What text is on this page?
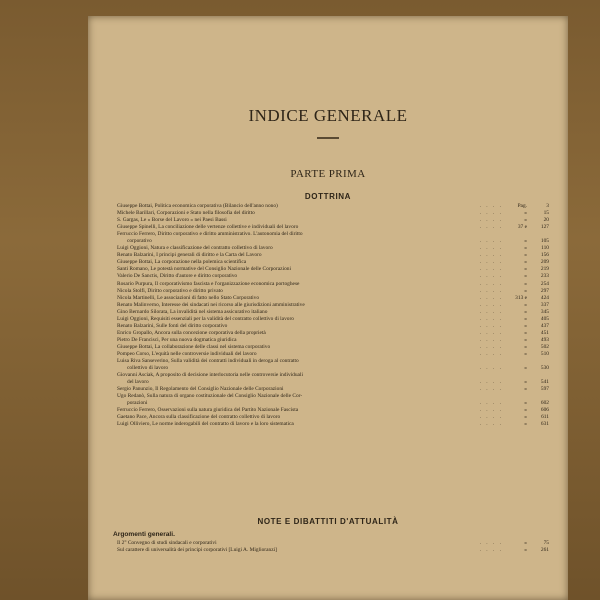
INDICE GENERALE
PARTE PRIMA
DOTTRINA
Giuseppe Bottai, Politica economica corporativa (Bilancio dell'anno nono)	. . . .	Pag.	3
Michele Barillari, Corporazioni e Stato nella filosofia del diritto	. . . .	»	15
S. Gargas, Le « Borse del Lavoro » nei Paesi Bassi	. . . .	»	20
Giuseppe Spinelli, La conciliazione delle vertenze collettive e individuali del lavoro	. . . .	37 e	127
Ferruccio Ferrero, Diritto corporativo e diritto amministrativo. L'autonomia del diritto
corporativo	. . . .	»	105
Luigi Oggioni, Natura e classificazione del contratto collettivo di lavoro	. . . .	»	110
Renato Balzarini, I principi generali di diritto e la Carta del Lavoro	. . . .	»	156
Giuseppe Bottai, La corporazione nella polemica scientifica	. . . .	»	209
Santi Romano, Le potestà normative del Consiglio Nazionale delle Corporazioni	. . . .	»	219
Valerio De Sanctis, Diritto d'autore e diritto corporativo	. . . .	»	233
Rosario Purpura, Il corporativismo fascista e l'organizzazione economica portoghese	. . . .	»	254
Nicola Stolfi, Diritto corporativo e diritto privato	. . . .	»	297
Nicola Martinelli, Le associazioni di fatto nello Stato Corporativo	. . . . 313 e	424
Renato Malinverno, Interesse dei sindacati nei ricorso alle giurisdizioni amministrative	. . . .	»	337
Gino Bernardo Silorata, La invalidità nel sistema assicurativo italiano	. . . .	»	345
Luigi Oggioni, Requisiti essenziali per la validità del contratto collettivo di lavoro	. . . .	»	405
Renato Balzarini, Sulle fonti del diritto corporativo	. . . .	»	437
Enrico Gropallo, Ancora sulla concezione corporativa della proprietà	. . . .	»	451
Pietro De Francisci, Per una nuova dogmatica giuridica	. . . .	»	493
Giuseppe Bottai, La collaborazione delle classi nel sistema corporativo	. . . .	»	502
Pompeo Corso, L'equità nelle controversie individuali del lavoro	. . . .	»	510
Luisa Riva Sanseverino, Sulla validità dei contratti individuali in deroga al contratto
collettivo di lavoro	. . . .	»	530
Giovanni Asciak, A proposito di decisione interlocutoria nelle controversie individuali
del lavoro	. . . .	»	541
Sergio Panunzio, Il Regolamento del Consiglio Nazionale delle Corporazioni	. . . .	»	597
Ugo Redanò, Sulla natura di organo costituzionale del Consiglio Nazionale delle Cor-
porazioni	. . . .	»	602
Ferruccio Ferrero, Osservazioni sulla natura giuridica del Partito Nazionale Fascista	. . . .	»	606
Gaetano Pace, Ancora sulla classificazione del contratto collettivo di lavoro	. . . .	»	611
Luigi Olliviero, Le norme inderogabili del contratto di lavoro e la loro sistematica	. . . .	»	631
NOTE E DIBATTITI D'ATTUALITÀ
Argomenti generali.
Il 2° Convegno di studi sindacali e corporativi	. . . .	»	75
Sul carattere di universalità dei principi corporativi [Luigi A. Miglioranzi]	. . . .	»	261
